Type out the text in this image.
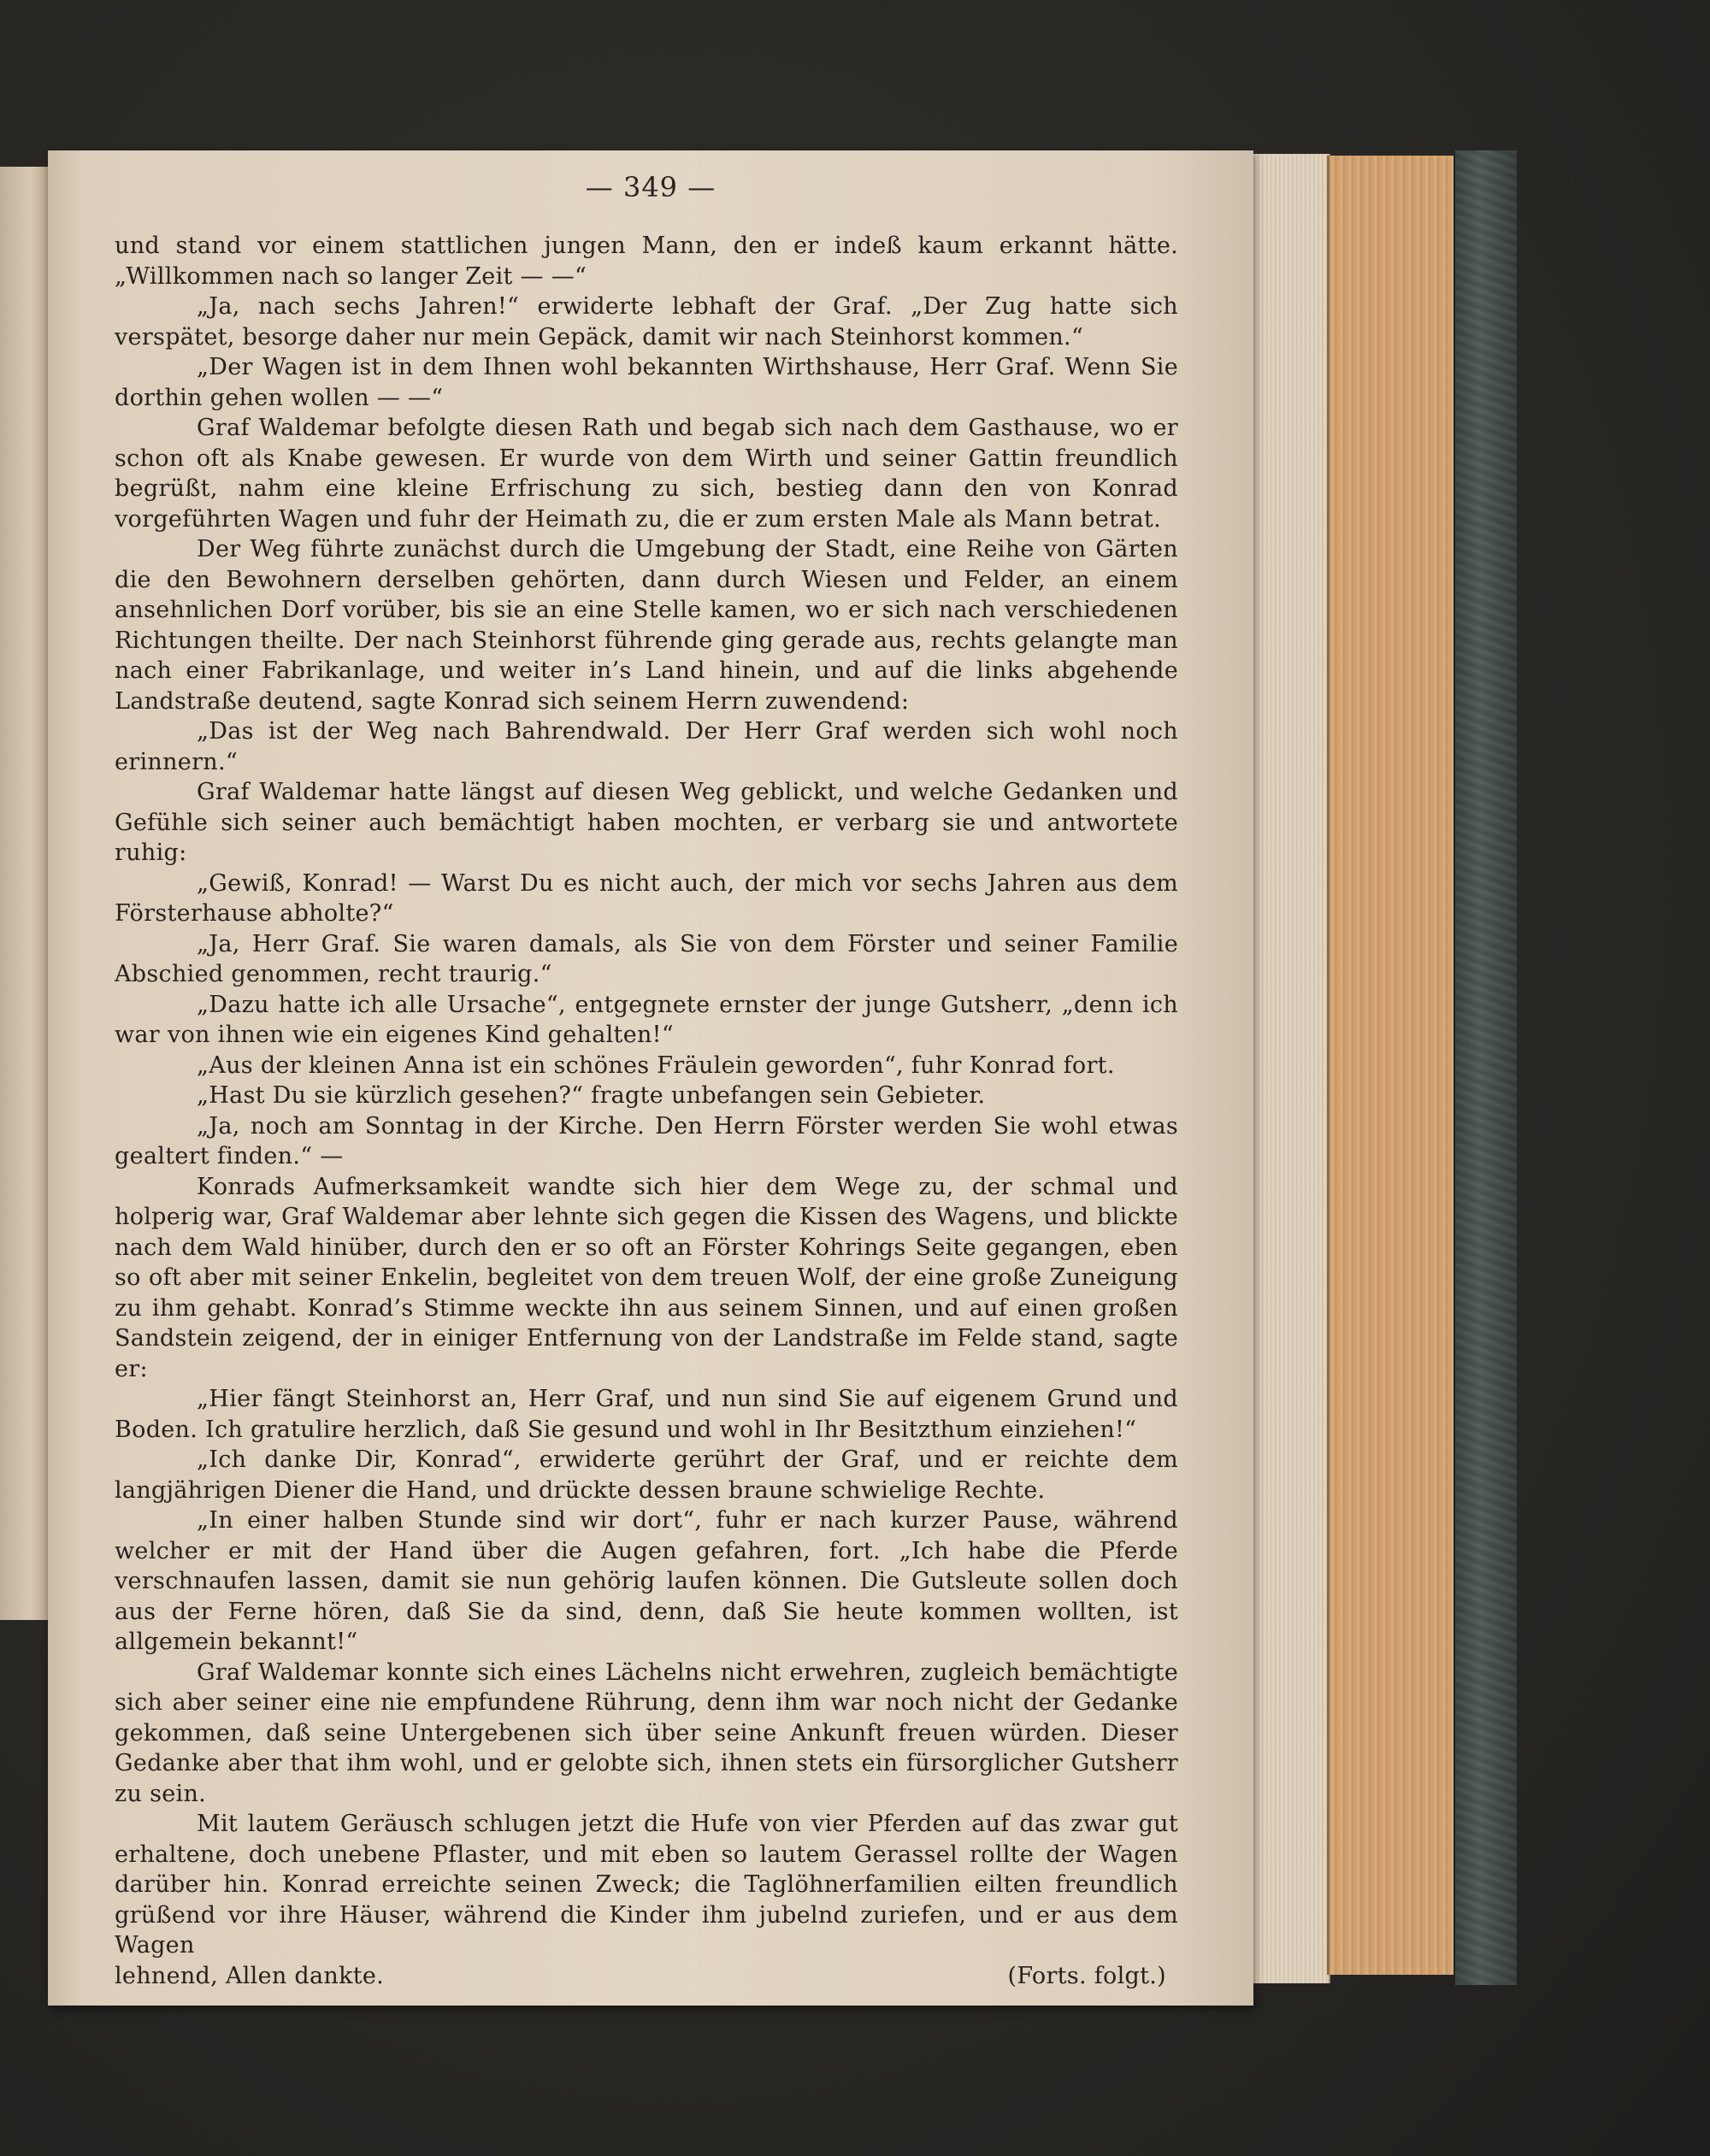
— 349 —

und stand vor einem stattlichen jungen Mann, den er indeß kaum erkannt hätte. „Willkommen nach so langer Zeit — —“

„Ja, nach sechs Jahren!“ erwiderte lebhaft der Graf. „Der Zug hatte sich verspätet, besorge daher nur mein Gepäck, damit wir nach Steinhorst kommen.“

„Der Wagen ist in dem Ihnen wohl bekannten Wirthshause, Herr Graf. Wenn Sie dorthin gehen wollen — —“

Graf Waldemar befolgte diesen Rath und begab sich nach dem Gasthause, wo er schon oft als Knabe gewesen. Er wurde von dem Wirth und seiner Gattin freundlich begrüßt, nahm eine kleine Erfrischung zu sich, bestieg dann den von Konrad vorgeführten Wagen und fuhr der Heimath zu, die er zum ersten Male als Mann betrat.

Der Weg führte zunächst durch die Umgebung der Stadt, eine Reihe von Gärten die den Bewohnern derselben gehörten, dann durch Wiesen und Felder, an einem ansehnlichen Dorf vorüber, bis sie an eine Stelle kamen, wo er sich nach verschiedenen Richtungen theilte. Der nach Steinhorst führende ging gerade aus, rechts gelangte man nach einer Fabrikanlage, und weiter in’s Land hinein, und auf die links abgehende Landstraße deutend, sagte Konrad sich seinem Herrn zuwendend:

„Das ist der Weg nach Bahrendwald. Der Herr Graf werden sich wohl noch erinnern.“

Graf Waldemar hatte längst auf diesen Weg geblickt, und welche Gedanken und Gefühle sich seiner auch bemächtigt haben mochten, er verbarg sie und antwortete ruhig:

„Gewiß, Konrad! — Warst Du es nicht auch, der mich vor sechs Jahren aus dem Försterhause abholte?“

„Ja, Herr Graf. Sie waren damals, als Sie von dem Förster und seiner Familie Abschied genommen, recht traurig.“

„Dazu hatte ich alle Ursache“, entgegnete ernster der junge Gutsherr, „denn ich war von ihnen wie ein eigenes Kind gehalten!“

„Aus der kleinen Anna ist ein schönes Fräulein geworden“, fuhr Konrad fort.

„Hast Du sie kürzlich gesehen?“ fragte unbefangen sein Gebieter.

„Ja, noch am Sonntag in der Kirche. Den Herrn Förster werden Sie wohl etwas gealtert finden.“ —

Konrads Aufmerksamkeit wandte sich hier dem Wege zu, der schmal und holperig war, Graf Waldemar aber lehnte sich gegen die Kissen des Wagens, und blickte nach dem Wald hinüber, durch den er so oft an Förster Kohrings Seite gegangen, eben so oft aber mit seiner Enkelin, begleitet von dem treuen Wolf, der eine große Zuneigung zu ihm gehabt. Konrad’s Stimme weckte ihn aus seinem Sinnen, und auf einen großen Sandstein zeigend, der in einiger Entfernung von der Landstraße im Felde stand, sagte er:

„Hier fängt Steinhorst an, Herr Graf, und nun sind Sie auf eigenem Grund und Boden. Ich gratulire herzlich, daß Sie gesund und wohl in Ihr Besitzthum einziehen!“

„Ich danke Dir, Konrad“, erwiderte gerührt der Graf, und er reichte dem langjährigen Diener die Hand, und drückte dessen braune schwielige Rechte.

„In einer halben Stunde sind wir dort“, fuhr er nach kurzer Pause, während welcher er mit der Hand über die Augen gefahren, fort. „Ich habe die Pferde verschnaufen lassen, damit sie nun gehörig laufen können. Die Gutsleute sollen doch aus der Ferne hören, daß Sie da sind, denn, daß Sie heute kommen wollten, ist allgemein bekannt!“

Graf Waldemar konnte sich eines Lächelns nicht erwehren, zugleich bemächtigte sich aber seiner eine nie empfundene Rührung, denn ihm war noch nicht der Gedanke gekommen, daß seine Untergebenen sich über seine Ankunft freuen würden. Dieser Gedanke aber that ihm wohl, und er gelobte sich, ihnen stets ein fürsorglicher Gutsherr zu sein.

Mit lautem Geräusch schlugen jetzt die Hufe von vier Pferden auf das zwar gut erhaltene, doch unebene Pflaster, und mit eben so lautem Gerassel rollte der Wagen darüber hin. Konrad erreichte seinen Zweck; die Taglöhnerfamilien eilten freundlich grüßend vor ihre Häuser, während die Kinder ihm jubelnd zuriefen, und er aus dem Wagen

lehnend, Allen dankte.	(Forts. folgt.)
